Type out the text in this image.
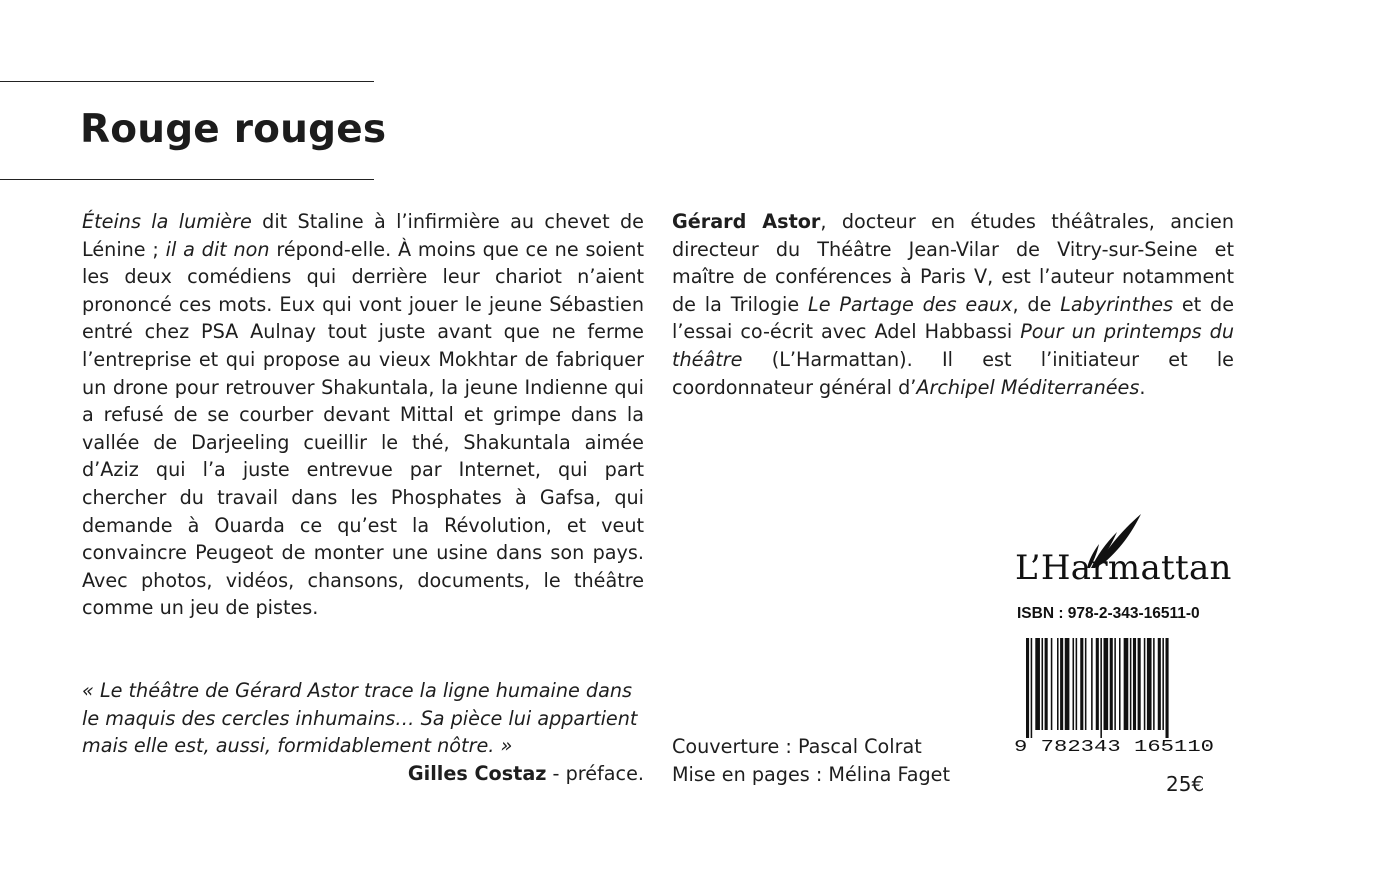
Rouge rouges

Éteins la lumière dit Staline à l’infirmière au chevet de Lénine ; il a dit non répond-elle. À moins que ce ne soient les deux comédiens qui derrière leur chariot n’aient prononcé ces mots. Eux qui vont jouer le jeune Sébastien entré chez PSA Aulnay tout juste avant que ne ferme l’entreprise et qui propose au vieux Mokhtar de fabriquer un drone pour retrouver Shakuntala, la jeune Indienne qui a refusé de se courber devant Mittal et grimpe dans la vallée de Darjeeling cueillir le thé, Shakuntala aimée d’Aziz qui l’a juste entrevue par Internet, qui part chercher du travail dans les Phosphates à Gafsa, qui demande à Ouarda ce qu’est la Révolution, et veut convaincre Peugeot de monter une usine dans son pays. Avec photos, vidéos, chansons, documents, le théâtre comme un jeu de pistes.

« Le théâtre de Gérard Astor trace la ligne humaine dans le maquis des cercles inhumains… Sa pièce lui appartient mais elle est, aussi, formidablement nôtre. »

Gilles Costaz - préface.

Gérard Astor, docteur en études théâtrales, ancien directeur du Théâtre Jean-Vilar de Vitry-sur-Seine et maître de conférences à Paris V, est l’auteur notamment de la Trilogie Le Partage des eaux, de Labyrinthes et de l’essai co-écrit avec Adel Habbassi Pour un printemps du théâtre (L’Harmattan). Il est l’initiateur et le coordonnateur général d’Archipel Méditerranées.

Couverture : Pascal Colrat
Mise en pages : Mélina Faget
L’Harmattan
ISBN : 978-2-343-16511-0
9 782343 165110
25€
